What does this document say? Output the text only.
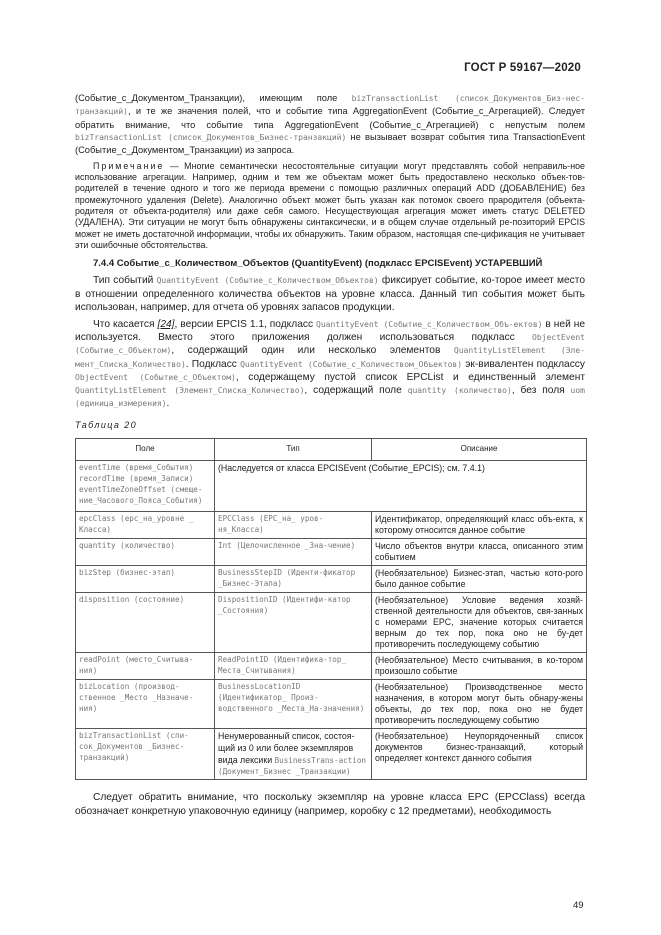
ГОСТ Р 59167—2020

(Событие_с_Документом_Транзакции), имеющим поле bizTransactionList (список_Документов_Биз-нес-транзакций), и те же значения полей, что и событие типа AggregationEvent (Событие_с_Агрегацией). Следует обратить внимание, что событие типа AggregationEvent (Событие_с_Агрегацией) с непустым полем bizTransactionList (список_Документов_Бизнес-транзакций) не вызывает возврат события типа TransactionEvent (Событие_с_Документом_Транзакции) из запроса.

Примечание — Многие семантически несостоятельные ситуации могут представлять собой неправиль-ное использование агрегации. Например, одним и тем же объектам может быть предоставлено несколько объек-тов-родителей в течение одного и того же периода времени с помощью различных операций ADD (ДОБАВЛЕНИЕ) без промежуточного удаления (Delete). Аналогично объект может быть указан как потомок своего прародителя (объекта-родителя от объекта-родителя) или даже себя самого. Несуществующая агрегация может иметь статус DELETED (УДАЛЕНА). Эти ситуации не могут быть обнаружены синтаксически, и в общем случае отдельный ре-позиторий EPCIS может не иметь достаточной информации, чтобы их обнаружить. Таким образом, настоящая спе-цификация не учитывает эти ошибочные обстоятельства.

7.4.4 Событие_с_Количеством_Объектов (QuantityEvent) (подкласс EPCISEvent) УСТАРЕВШИЙ

Тип событий QuantityEvent (Событие_с_Количеством_Объектов) фиксирует событие, ко-торое имеет место в отношении определенного количества объектов на уровне класса. Данный тип события может быть использован, например, для отчета об уровнях запасов продукции.

Что касается [24], версии EPCIS 1.1, подкласс QuantityEvent (Событие_с_Количеством_Объ-ектов) в ней не используется. Вместо этого приложения должен использоваться подкласс ObjectEvent (Событие_с_Объектом), содержащий один или несколько элементов QuantityListElement (Эле-мент_Списка_Количество). Подкласс QuantityEvent (Событие_с_Количеством_Объектов) эк-вивалентен подклассу ObjectEvent (Событие_с_Объектом), содержащему пустой список EPCList и единственный элемент QuantityListElement (Элемент_Списка_Количество), содержащий поле quantity (количество), без поля uom (единица_измерения).

Таблица 20

Поле	Тип	Описание
eventTime (время_События) recordTime (время_Записи) eventTimeZoneOffset (смеще-ние_Часового_Пояса_События)	(Наследуется от класса EPCISEvent (Событие_EPCIS); см. 7.4.1)	
epcClass (epc_на_уровне _ Класса)	EPCClass (EPC_на_ уров-ня_Класса)	Идентификатор, определяющий класс объ-екта, к которому относится данное событие
quantity (количество)	Int (Целочисленное _Зна-чение)	Число объектов внутри класса, описанного этим событием
bizStep (бизнес-этап)	BusinessStepID (Иденти-фикатор _Бизнес-Этапа)	(Необязательное) Бизнес-этап, частью кото-рого было данное событие
disposition (состояние)	DispositionID (Идентифи-катор _Состояния)	(Необязательное) Условие ведения хозяй-ственной деятельности для объектов, свя-занных с номерами EPC, значение которых считается верным до тех пор, пока оно не бу-дет противоречить последующему событию
readPoint (место_Считыва-ния)	ReadPointID (Идентифика-тор_ Места_Считывания)	(Необязательное) Место считывания, в ко-тором произошло событие
bizLocation (производ-ственное _Место _Назначе-ния)	BusinessLocationID (Идентификатор_ Произ-водственного _Места_На-значения)	(Необязательное) Производственное место назначения, в котором могут быть обнару-жены объекты, до тех пор, пока оно не будет противоречить последующему событию
bizTransactionList (спи-сок_Документов _Бизнес-транзакций)	Ненумерованный список, состоя-щий из 0 или более экземпляров вида лексики BusinessTrans-action (Документ_Бизнес _Транзакции)	(Необязательное) Неупорядоченный список документов бизнес-транзакций, который определяет контекст данного события

Следует обратить внимание, что поскольку экземпляр на уровне класса EPC (EPCClass) всегда обозначает конкретную упаковочную единицу (например, коробку с 12 предметами), необходимость

49
